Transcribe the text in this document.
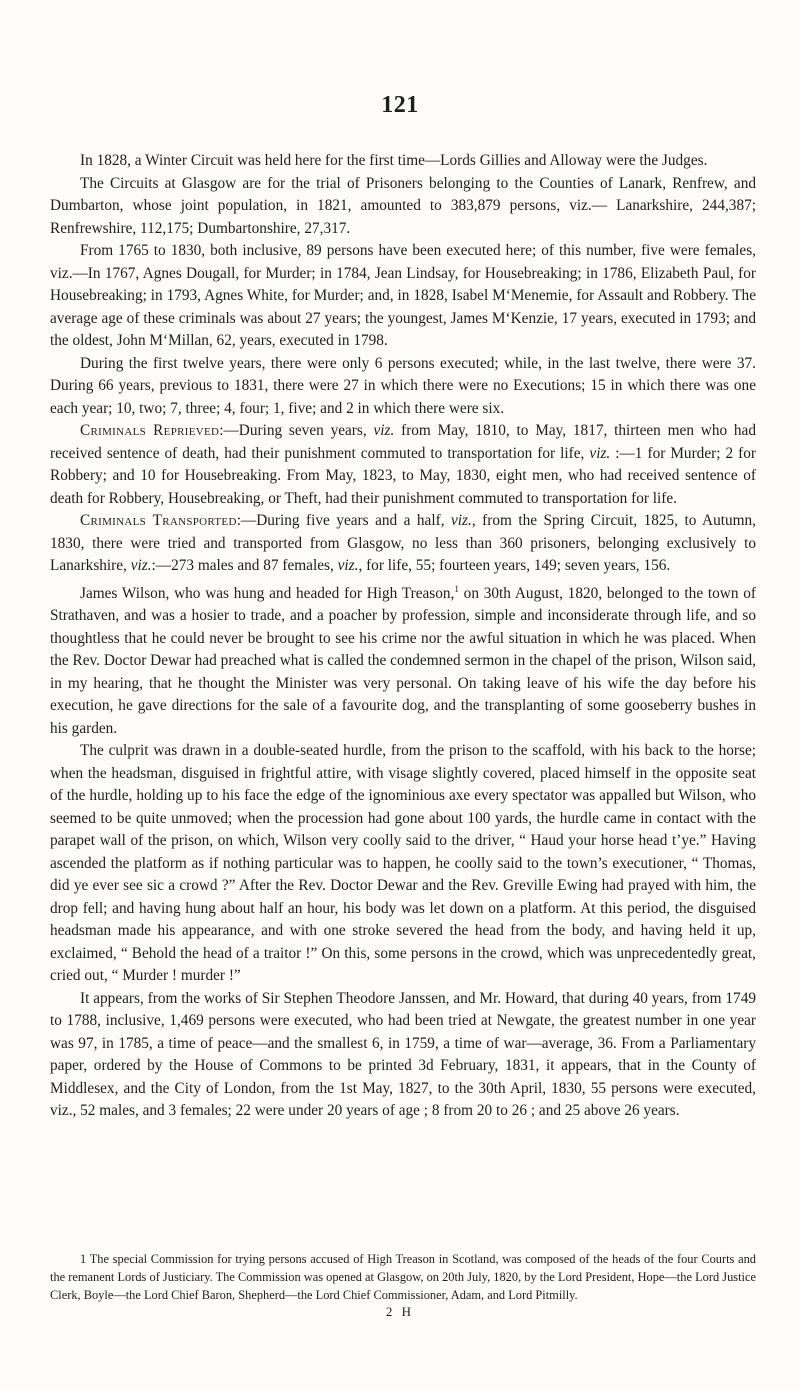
121

In 1828, a Winter Circuit was held here for the first time—Lords Gillies and Alloway were the Judges.

The Circuits at Glasgow are for the trial of Prisoners belonging to the Counties of Lanark, Renfrew, and Dumbarton, whose joint population, in 1821, amounted to 383,879 persons, viz.— Lanarkshire, 244,387; Renfrewshire, 112,175; Dumbartonshire, 27,317.

From 1765 to 1830, both inclusive, 89 persons have been executed here; of this number, five were females, viz.—In 1767, Agnes Dougall, for Murder; in 1784, Jean Lindsay, for Housebreaking; in 1786, Elizabeth Paul, for Housebreaking; in 1793, Agnes White, for Murder; and, in 1828, Isabel M‘Menemie, for Assault and Robbery. The average age of these criminals was about 27 years; the youngest, James M‘Kenzie, 17 years, executed in 1793; and the oldest, John M‘Millan, 62, years, executed in 1798.

During the first twelve years, there were only 6 persons executed; while, in the last twelve, there were 37. During 66 years, previous to 1831, there were 27 in which there were no Executions; 15 in which there was one each year; 10, two; 7, three; 4, four; 1, five; and 2 in which there were six.

Criminals Reprieved:—During seven years, viz. from May, 1810, to May, 1817, thirteen men who had received sentence of death, had their punishment commuted to transportation for life, viz. :—1 for Murder; 2 for Robbery; and 10 for Housebreaking. From May, 1823, to May, 1830, eight men, who had received sentence of death for Robbery, Housebreaking, or Theft, had their punishment commuted to transportation for life.

Criminals Transported:—During five years and a half, viz., from the Spring Circuit, 1825, to Autumn, 1830, there were tried and transported from Glasgow, no less than 360 prisoners, belonging exclusively to Lanarkshire, viz.:—273 males and 87 females, viz., for life, 55; fourteen years, 149; seven years, 156.

James Wilson, who was hung and headed for High Treason,$^1$ on 30th August, 1820, belonged to the town of Strathaven, and was a hosier to trade, and a poacher by profession, simple and inconsiderate through life, and so thoughtless that he could never be brought to see his crime nor the awful situation in which he was placed. When the Rev. Doctor Dewar had preached what is called the condemned sermon in the chapel of the prison, Wilson said, in my hearing, that he thought the Minister was very personal. On taking leave of his wife the day before his execution, he gave directions for the sale of a favourite dog, and the transplanting of some gooseberry bushes in his garden.

The culprit was drawn in a double-seated hurdle, from the prison to the scaffold, with his back to the horse; when the headsman, disguised in frightful attire, with visage slightly covered, placed himself in the opposite seat of the hurdle, holding up to his face the edge of the ignominious axe every spectator was appalled but Wilson, who seemed to be quite unmoved; when the procession had gone about 100 yards, the hurdle came in contact with the parapet wall of the prison, on which, Wilson very coolly said to the driver, “ Haud your horse head t’ye.” Having ascended the platform as if nothing particular was to happen, he coolly said to the town’s executioner, “ Thomas, did ye ever see sic a crowd ?” After the Rev. Doctor Dewar and the Rev. Greville Ewing had prayed with him, the drop fell; and having hung about half an hour, his body was let down on a platform. At this period, the disguised headsman made his appearance, and with one stroke severed the head from the body, and having held it up, exclaimed, “ Behold the head of a traitor !” On this, some persons in the crowd, which was unprecedentedly great, cried out, “ Murder ! murder !”

It appears, from the works of Sir Stephen Theodore Janssen, and Mr. Howard, that during 40 years, from 1749 to 1788, inclusive, 1,469 persons were executed, who had been tried at Newgate, the greatest number in one year was 97, in 1785, a time of peace—and the smallest 6, in 1759, a time of war—average, 36. From a Parliamentary paper, ordered by the House of Commons to be printed 3d February, 1831, it appears, that in the County of Middlesex, and the City of London, from the 1st May, 1827, to the 30th April, 1830, 55 persons were executed, viz., 52 males, and 3 females; 22 were under 20 years of age ; 8 from 20 to 26 ; and 25 above 26 years.

1 The special Commission for trying persons accused of High Treason in Scotland, was composed of the heads of the four Courts and the remanent Lords of Justiciary. The Commission was opened at Glasgow, on 20th July, 1820, by the Lord President, Hope—the Lord Justice Clerk, Boyle—the Lord Chief Baron, Shepherd—the Lord Chief Commissioner, Adam, and Lord Pitmilly.

2 H
